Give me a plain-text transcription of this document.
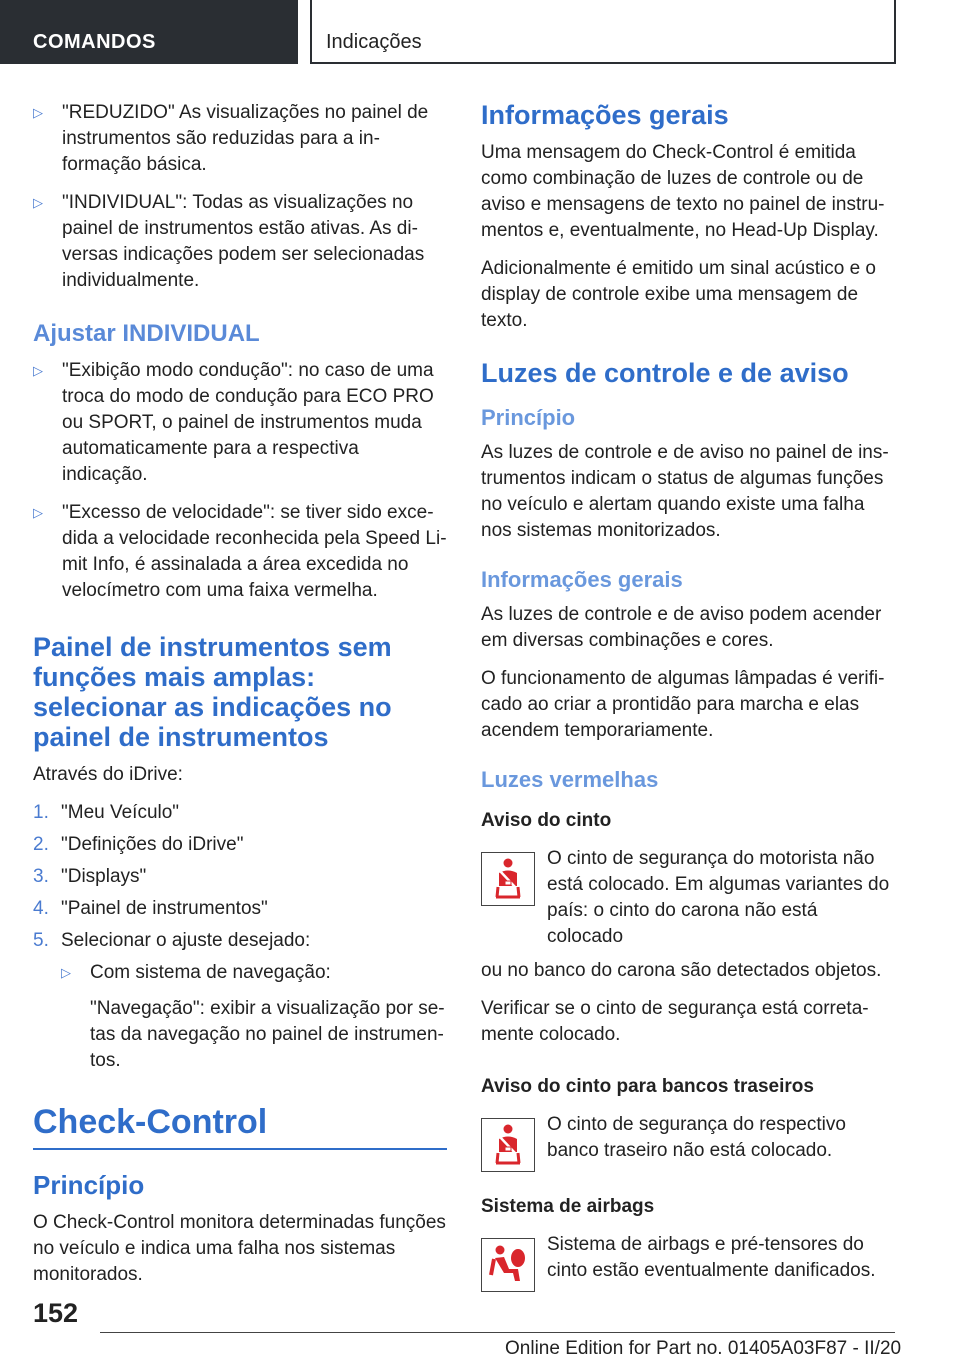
COMANDOS	Indicações
▷ "REDUZIDO" As visualizações no painel de instrumentos são reduzidas para a informação básica.
▷ "INDIVIDUAL": Todas as visualizações no painel de instrumentos estão ativas. As diversas indicações podem ser selecionadas individualmente.
Ajustar INDIVIDUAL
▷ "Exibição modo condução": no caso de uma troca do modo de condução para ECO PRO ou SPORT, o painel de instrumentos muda automaticamente para a respectiva indicação.
▷ "Excesso de velocidade": se tiver sido excedida a velocidade reconhecida pela Speed Limit Info, é assinalada a área excedida no velocímetro com uma faixa vermelha.
Painel de instrumentos sem funções mais amplas: selecionar as indicações no painel de instrumentos

Através do iDrive:

1. "Meu Veículo"
2. "Definições do iDrive"
3. "Displays"
4. "Painel de instrumentos"
5. Selecionar o ajuste desejado:
▷ Com sistema de navegação:
"Navegação": exibir a visualização por setas da navegação no painel de instrumentos.
Check-Control
Princípio

O Check-Control monitora determinadas funções no veículo e indica uma falha nos sistemas monitorados.

Informações gerais

Uma mensagem do Check-Control é emitida como combinação de luzes de controle ou de aviso e mensagens de texto no painel de instrumentos e, eventualmente, no Head-Up Display.

Adicionalmente é emitido um sinal acústico e o display de controle exibe uma mensagem de texto.

Luzes de controle e de aviso
Princípio

As luzes de controle e de aviso no painel de instrumentos indicam o status de algumas funções no veículo e alertam quando existe uma falha nos sistemas monitorizados.

Informações gerais

As luzes de controle e de aviso podem acender em diversas combinações e cores.

O funcionamento de algumas lâmpadas é verificado ao criar a prontidão para marcha e elas acendem temporariamente.

Luzes vermelhas
Aviso do cinto
O cinto de segurança do motorista não está colocado. Em algumas variantes do país: o cinto do carona não está colocado
ou no banco do carona são detectados objetos.

Verificar se o cinto de segurança está corretamente colocado.

Aviso do cinto para bancos traseiros
O cinto de segurança do respectivo banco traseiro não está colocado.
Sistema de airbags
Sistema de airbags e pré-tensores do cinto estão eventualmente danificados.
152
Online Edition for Part no. 01405A03F87 - II/20
